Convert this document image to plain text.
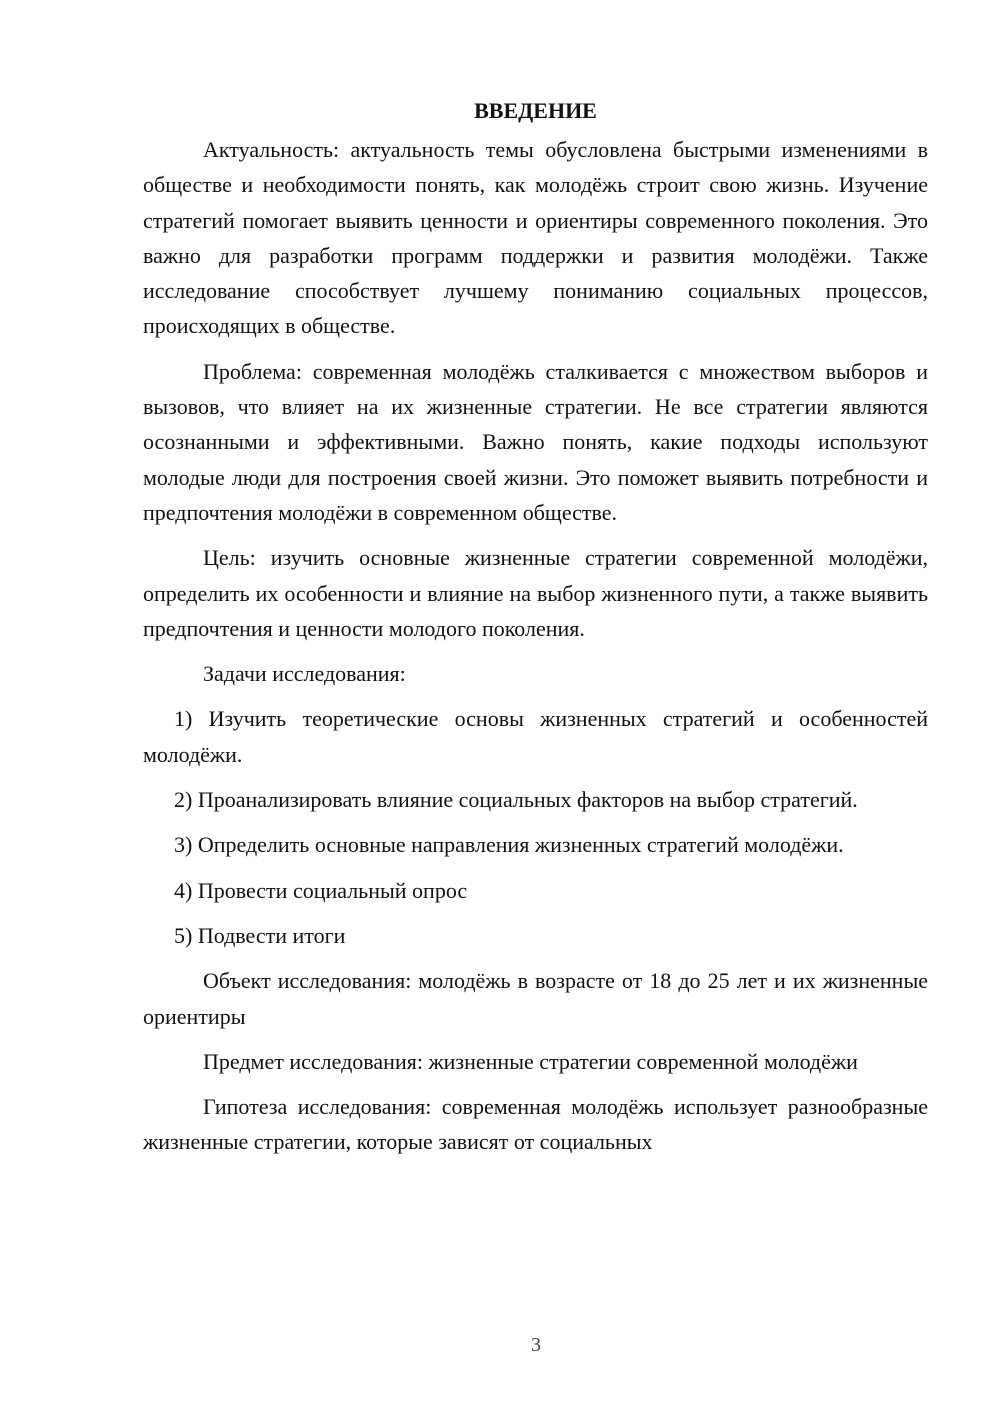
ВВЕДЕНИЕ

Актуальность: актуальность темы обусловлена быстрыми изменениями в обществе и необходимости понять, как молодёжь строит свою жизнь. Изучение стратегий помогает выявить ценности и ориентиры современного поколения. Это важно для разработки программ поддержки и развития молодёжи. Также исследование способствует лучшему пониманию социальных процессов, происходящих в обществе.

Проблема: современная молодёжь сталкивается с множеством выборов и вызовов, что влияет на их жизненные стратегии. Не все стратегии являются осознанными и эффективными. Важно понять, какие подходы используют молодые люди для построения своей жизни. Это поможет выявить потребности и предпочтения молодёжи в современном обществе.

Цель: изучить основные жизненные стратегии современной молодёжи, определить их особенности и влияние на выбор жизненного пути, а также выявить предпочтения и ценности молодого поколения.

Задачи исследования:

1) Изучить теоретические основы жизненных стратегий и особенностей молодёжи.

2) Проанализировать влияние социальных факторов на выбор стратегий.

3) Определить основные направления жизненных стратегий молодёжи.

4) Провести социальный опрос

5) Подвести итоги

Объект исследования: молодёжь в возрасте от 18 до 25 лет и их жизненные ориентиры

Предмет исследования: жизненные стратегии современной молодёжи

Гипотеза исследования: современная молодёжь использует разнообразные жизненные стратегии, которые зависят от социальных

3
